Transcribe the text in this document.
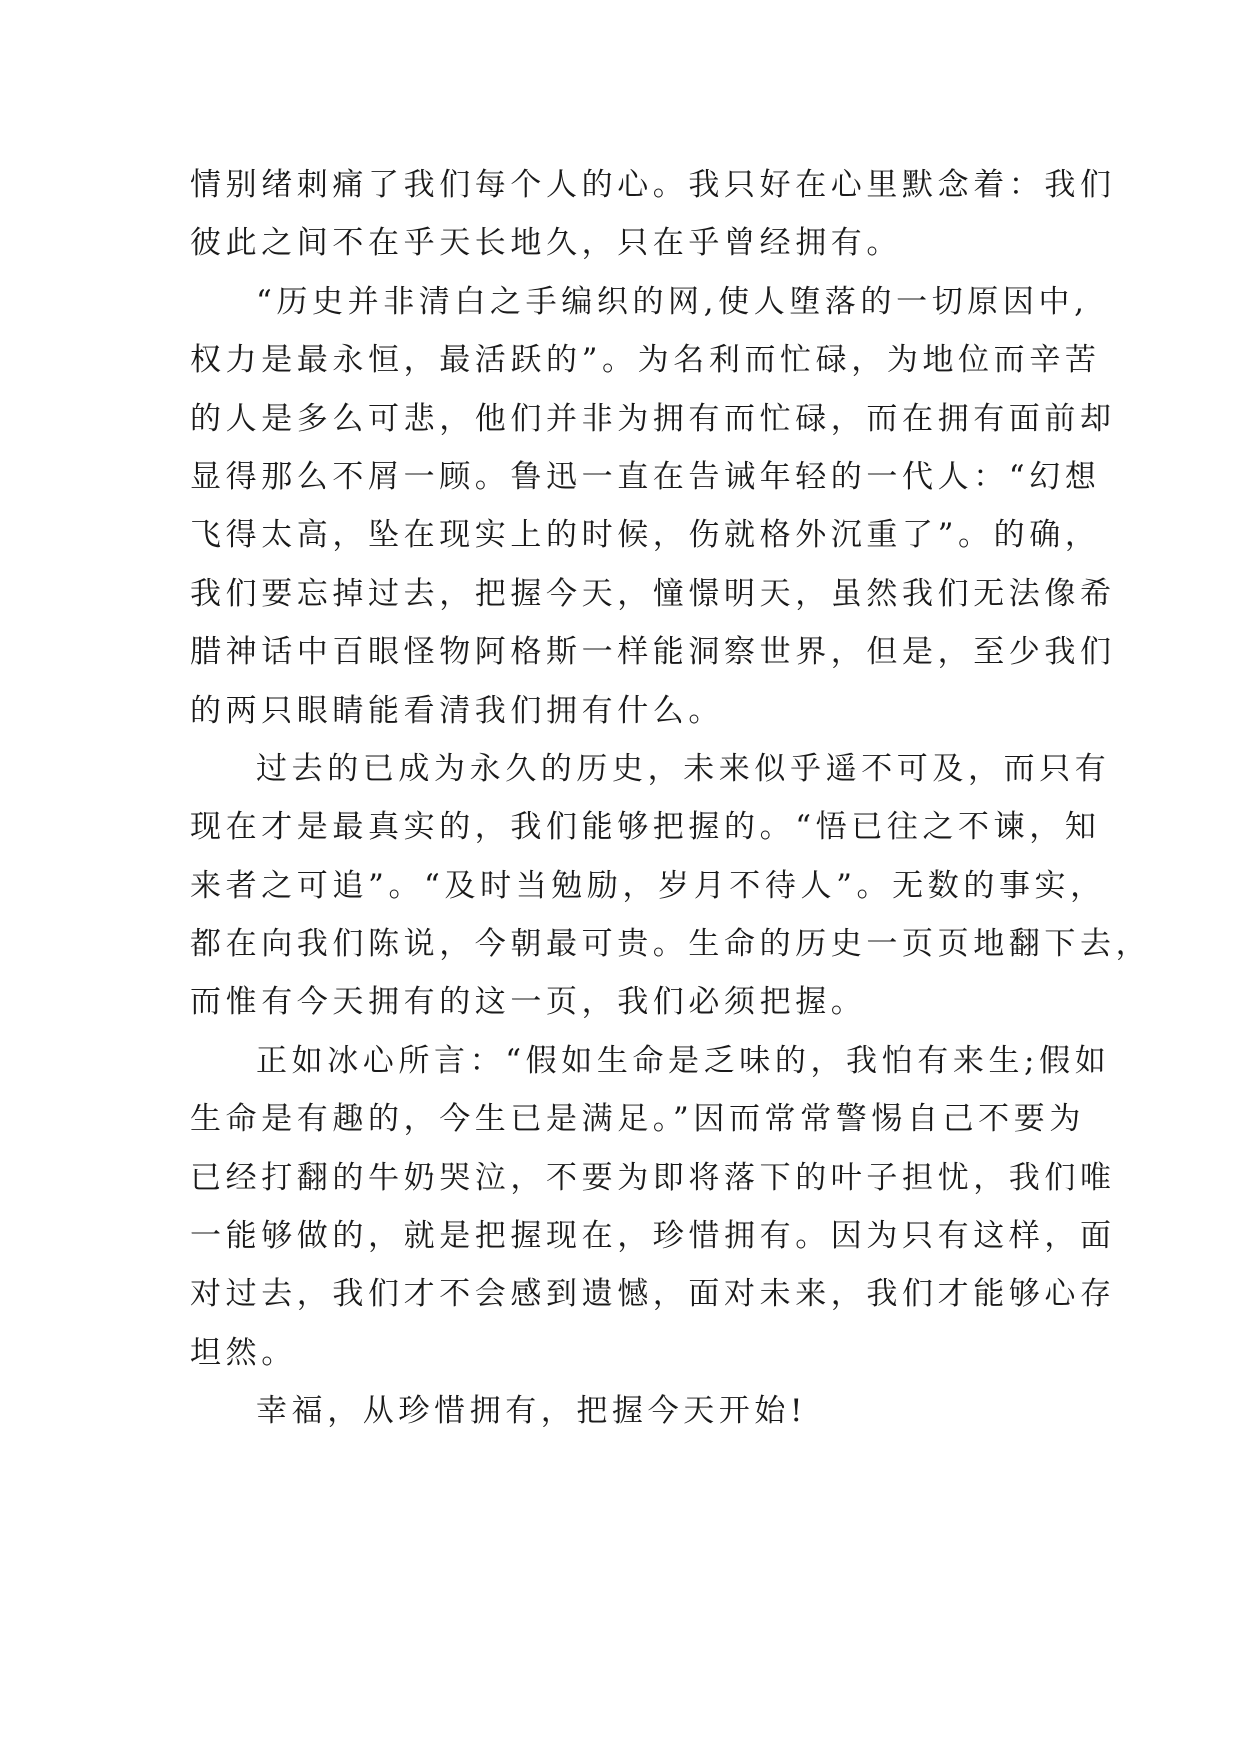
情别绪刺痛了我们每个人的心。我只好在心里默念着：我们
彼此之间不在乎天长地久，只在乎曾经拥有。
“历史并非清白之手编织的网,使人堕落的一切原因中,
权力是最永恒，最活跃的”。为名利而忙碌，为地位而辛苦
的人是多么可悲，他们并非为拥有而忙碌，而在拥有面前却
显得那么不屑一顾。鲁迅一直在告诫年轻的一代人：“幻想
飞得太高，坠在现实上的时候，伤就格外沉重了”。的确，
我们要忘掉过去，把握今天，憧憬明天，虽然我们无法像希
腊神话中百眼怪物阿格斯一样能洞察世界，但是，至少我们
的两只眼睛能看清我们拥有什么。
过去的已成为永久的历史，未来似乎遥不可及，而只有
现在才是最真实的，我们能够把握的。“悟已往之不谏，知
来者之可追”。“及时当勉励，岁月不待人”。无数的事实，
都在向我们陈说，今朝最可贵。生命的历史一页页地翻下去，
而惟有今天拥有的这一页，我们必须把握。
正如冰心所言：“假如生命是乏味的，我怕有来生;假如
生命是有趣的，今生已是满足。”因而常常警惕自己不要为
已经打翻的牛奶哭泣，不要为即将落下的叶子担忧，我们唯
一能够做的，就是把握现在，珍惜拥有。因为只有这样，面
对过去，我们才不会感到遗憾，面对未来，我们才能够心存
坦然。
幸福，从珍惜拥有，把握今天开始!
